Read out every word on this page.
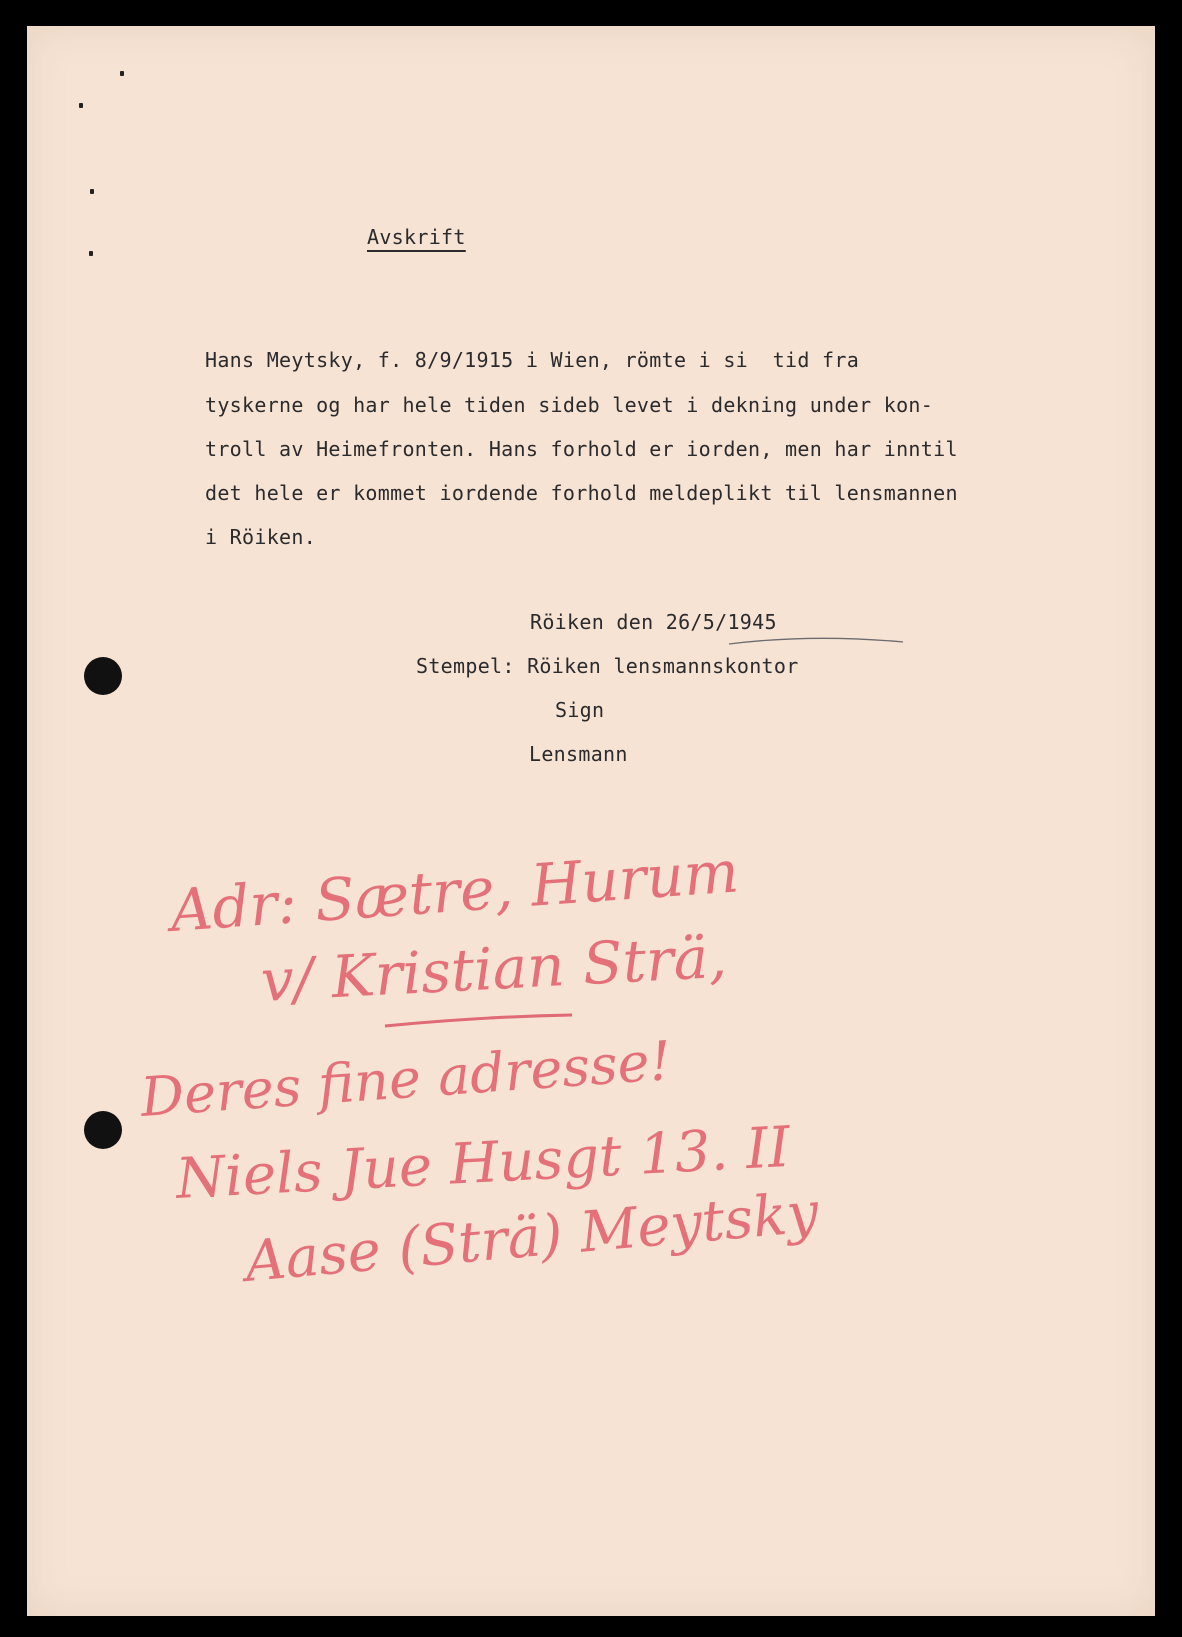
Avskrift
Hans Meytsky, f. 8/9/1915 i Wien, römte i si  tid fra
tyskerne og har hele tiden sideb levet i dekning under kon-
troll av Heimefronten. Hans forhold er iorden, men har inntil
det hele er kommet iordende forhold meldeplikt til lensmannen
i Röiken.
Röiken den 26/5/1945
Stempel: Röiken lensmannskontor
Sign
Lensmann
Adr: Sætre, Hurum
v/ Kristian Strä,
Deres fine adresse!
Niels Jue Husgt 13. II
Aase (Strä) Meytsky
